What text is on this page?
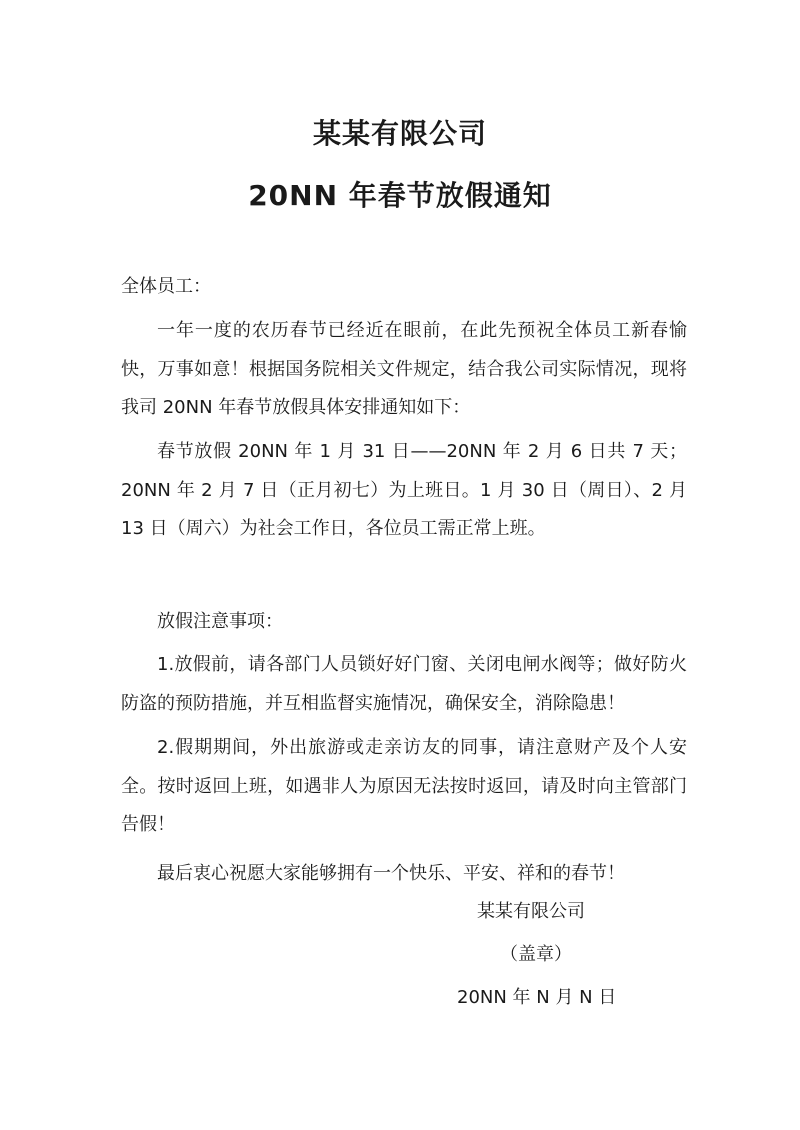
某某有限公司
20NN 年春节放假通知
全体员工：
一年一度的农历春节已经近在眼前，在此先预祝全体员工新春愉快，万事如意！根据国务院相关文件规定，结合我公司实际情况，现将我司 20NN 年春节放假具体安排通知如下：
春节放假 20NN 年 1 月 31 日——20NN 年 2 月 6 日共 7 天；20NN 年 2 月 7 日（正月初七）为上班日。1 月 30 日（周日）、2 月 13 日（周六）为社会工作日，各位员工需正常上班。
放假注意事项：
1.放假前，请各部门人员锁好好门窗、关闭电闸水阀等；做好防火防盗的预防措施，并互相监督实施情况，确保安全，消除隐患！
2.假期期间，外出旅游或走亲访友的同事，请注意财产及个人安全。按时返回上班，如遇非人为原因无法按时返回，请及时向主管部门告假！
最后衷心祝愿大家能够拥有一个快乐、平安、祥和的春节！
某某有限公司
（盖章）
20NN 年 N 月 N 日
